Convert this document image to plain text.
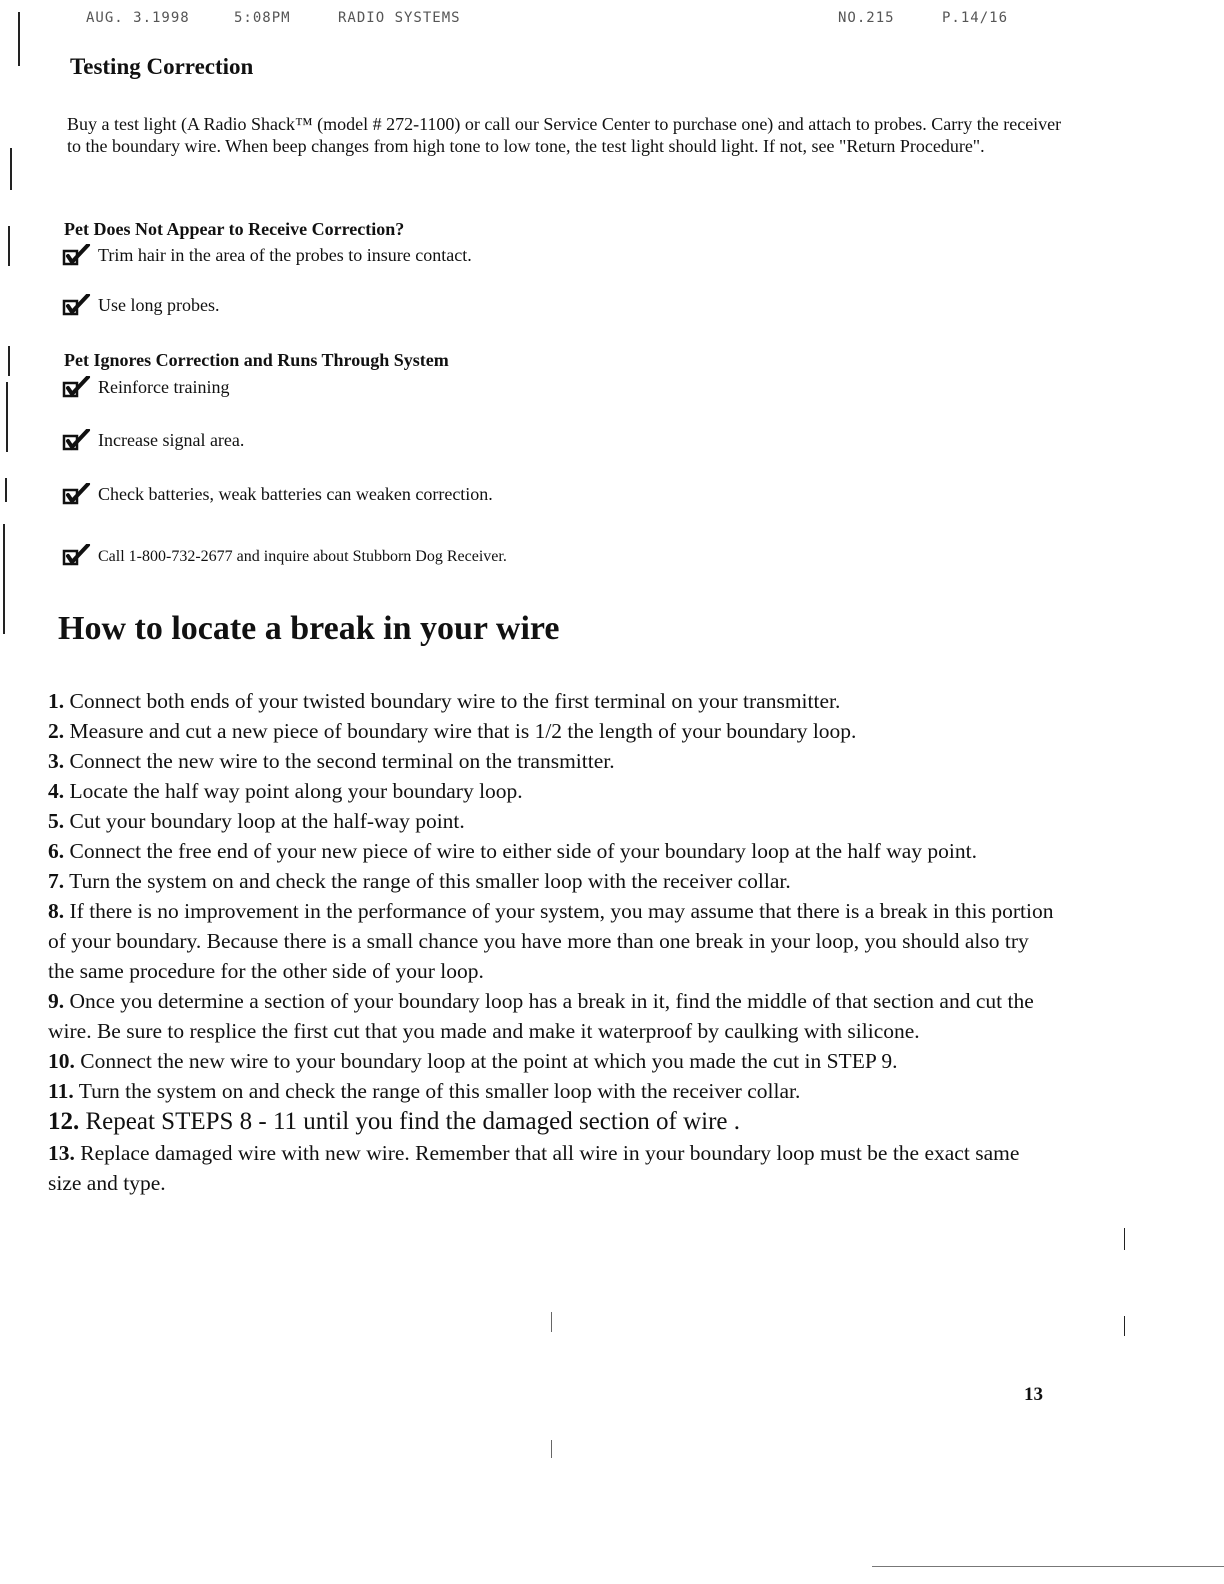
AUG. 3.1998	5:08PM	RADIO SYSTEMS	NO.215	P.14/16
Testing Correction

Buy a test light (A Radio Shack™ (model # 272-1100) or call our Service Center to purchase one) and attach to probes. Carry the receiver to the boundary wire. When beep changes from high tone to low tone, the test light should light. If not, see "Return Procedure".

Pet Does Not Appear to Receive Correction?
Trim hair in the area of the probes to insure contact.
Use long probes.
Pet Ignores Correction and Runs Through System
Reinforce training
Increase signal area.
Check batteries, weak batteries can weaken correction.
Call 1-800-732-2677 and inquire about Stubborn Dog Receiver.
How to locate a break in your wire
1. Connect both ends of your twisted boundary wire to the first terminal on your transmitter.
2. Measure and cut a new piece of boundary wire that is 1/2 the length of your boundary loop.
3. Connect the new wire to the second terminal on the transmitter.
4. Locate the half way point along your boundary loop.
5. Cut your boundary loop at the half-way point.
6. Connect the free end of your new piece of wire to either side of your boundary loop at the half way point.
7. Turn the system on and check the range of this smaller loop with the receiver collar.
8. If there is no improvement in the performance of your system, you may assume that there is a break in this portion of your boundary. Because there is a small chance you have more than one break in your loop, you should also try the same procedure for the other side of your loop.
9. Once you determine a section of your boundary loop has a break in it, find the middle of that section and cut the wire. Be sure to resplice the first cut that you made and make it waterproof by caulking with silicone.
10. Connect the new wire to your boundary loop at the point at which you made the cut in STEP 9.
11. Turn the system on and check the range of this smaller loop with the receiver collar.
12. Repeat STEPS 8 - 11 until you find the damaged section of wire .
13. Replace damaged wire with new wire. Remember that all wire in your boundary loop must be the exact same size and type.
13
